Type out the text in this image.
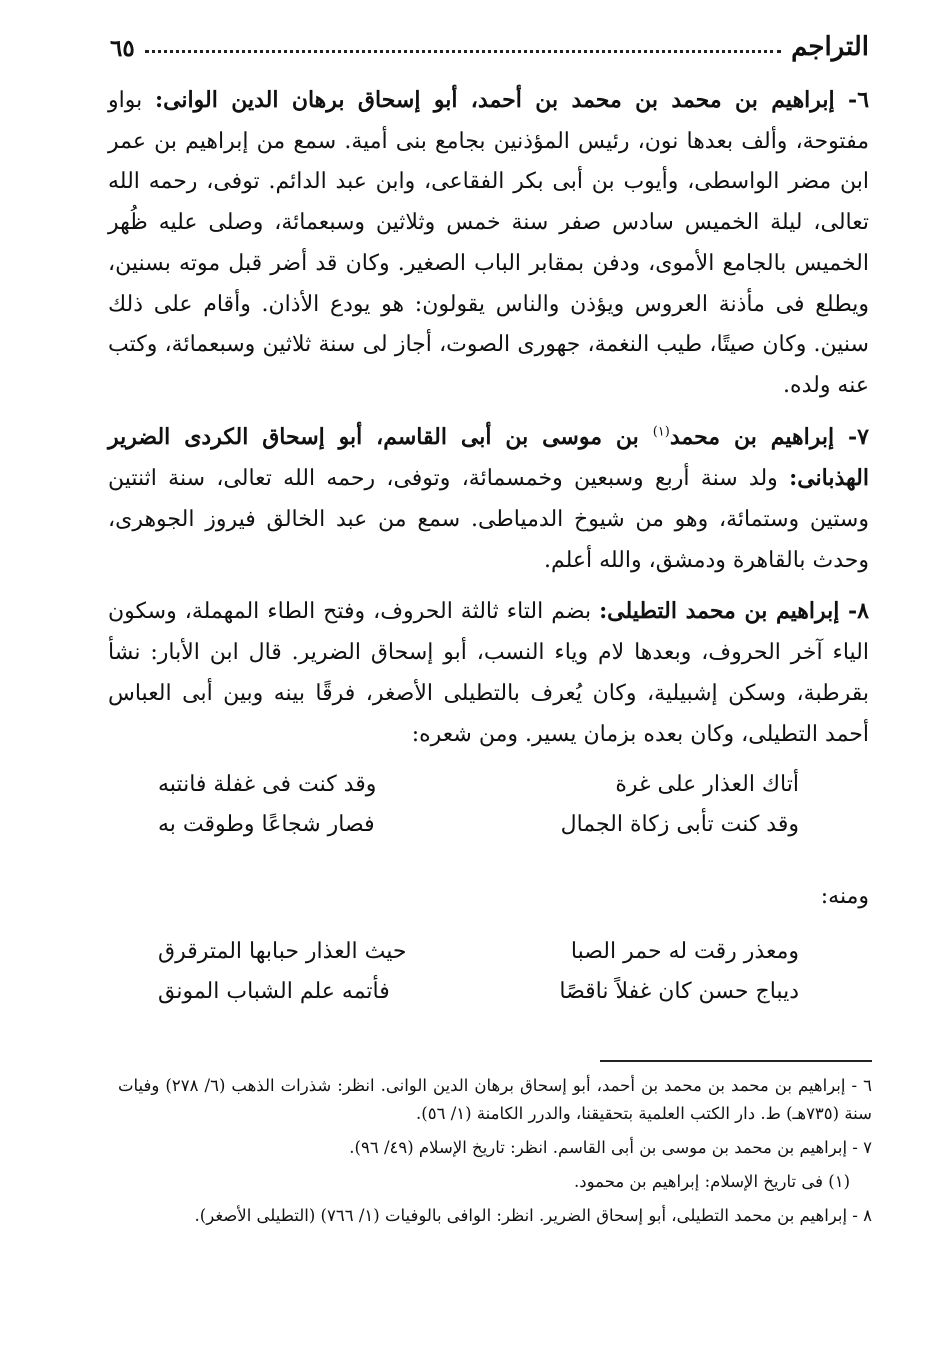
التراجم
٦٥

٦- إبراهيم بن محمد بن محمد بن أحمد، أبو إسحاق برهان الدين الوانى: بواو مفتوحة، وألف بعدها نون، رئيس المؤذنين بجامع بنى أمية. سمع من إبراهيم بن عمر ابن مضر الواسطى، وأيوب بن أبى بكر الفقاعى، وابن عبد الدائم. توفى، رحمه الله تعالى، ليلة الخميس سادس صفر سنة خمس وثلاثين وسبعمائة، وصلى عليه ظُهر الخميس بالجامع الأموى، ودفن بمقابر الباب الصغير. وكان قد أضر قبل موته بسنين، ويطلع فى مأذنة العروس ويؤذن والناس يقولون: هو يودع الأذان. وأقام على ذلك سنين. وكان صيتًا، طيب النغمة، جهورى الصوت، أجاز لى سنة ثلاثين وسبعمائة، وكتب عنه ولده.

٧- إبراهيم بن محمد$^{(١)}$ بن موسى بن أبى القاسم، أبو إسحاق الكردى الضرير الهذبانى: ولد سنة أربع وسبعين وخمسمائة، وتوفى، رحمه الله تعالى، سنة اثنتين وستين وستمائة، وهو من شيوخ الدمياطى. سمع من عبد الخالق فيروز الجوهرى، وحدث بالقاهرة ودمشق، والله أعلم.

٨- إبراهيم بن محمد التطيلى: بضم التاء ثالثة الحروف، وفتح الطاء المهملة، وسكون الياء آخر الحروف، وبعدها لام وياء النسب، أبو إسحاق الضرير. قال ابن الأبار: نشأ بقرطبة، وسكن إشبيلية، وكان يُعرف بالتطيلى الأصغر، فرقًا بينه وبين أبى العباس أحمد التطيلى، وكان بعده بزمان يسير. ومن شعره:

أتاك العذار على غرة
وقد كنت فى غفلة فانتبه
وقد كنت تأبى زكاة الجمال
فصار شجاعًا وطوقت به

ومنه:

ومعذر رقت له حمر الصبا
حيث العذار حبابها المترقرق
ديباج حسن كان غفلاً ناقصًا
فأتمه علم الشباب المونق

٦ - إبراهيم بن محمد بن محمد بن أحمد، أبو إسحاق برهان الدين الوانى. انظر: شذرات الذهب (٦/ ٢٧٨) وفيات سنة (٧٣٥هـ) ط. دار الكتب العلمية بتحقيقنا، والدرر الكامنة (١/ ٥٦).

٧ - إبراهيم بن محمد بن موسى بن أبى القاسم. انظر: تاريخ الإسلام (٤٩/ ٩٦).

(١) فى تاريخ الإسلام: إبراهيم بن محمود.

٨ - إبراهيم بن محمد التطيلى، أبو إسحاق الضرير. انظر: الوافى بالوفيات (١/ ٧٦٦) (التطيلى الأصغر).
